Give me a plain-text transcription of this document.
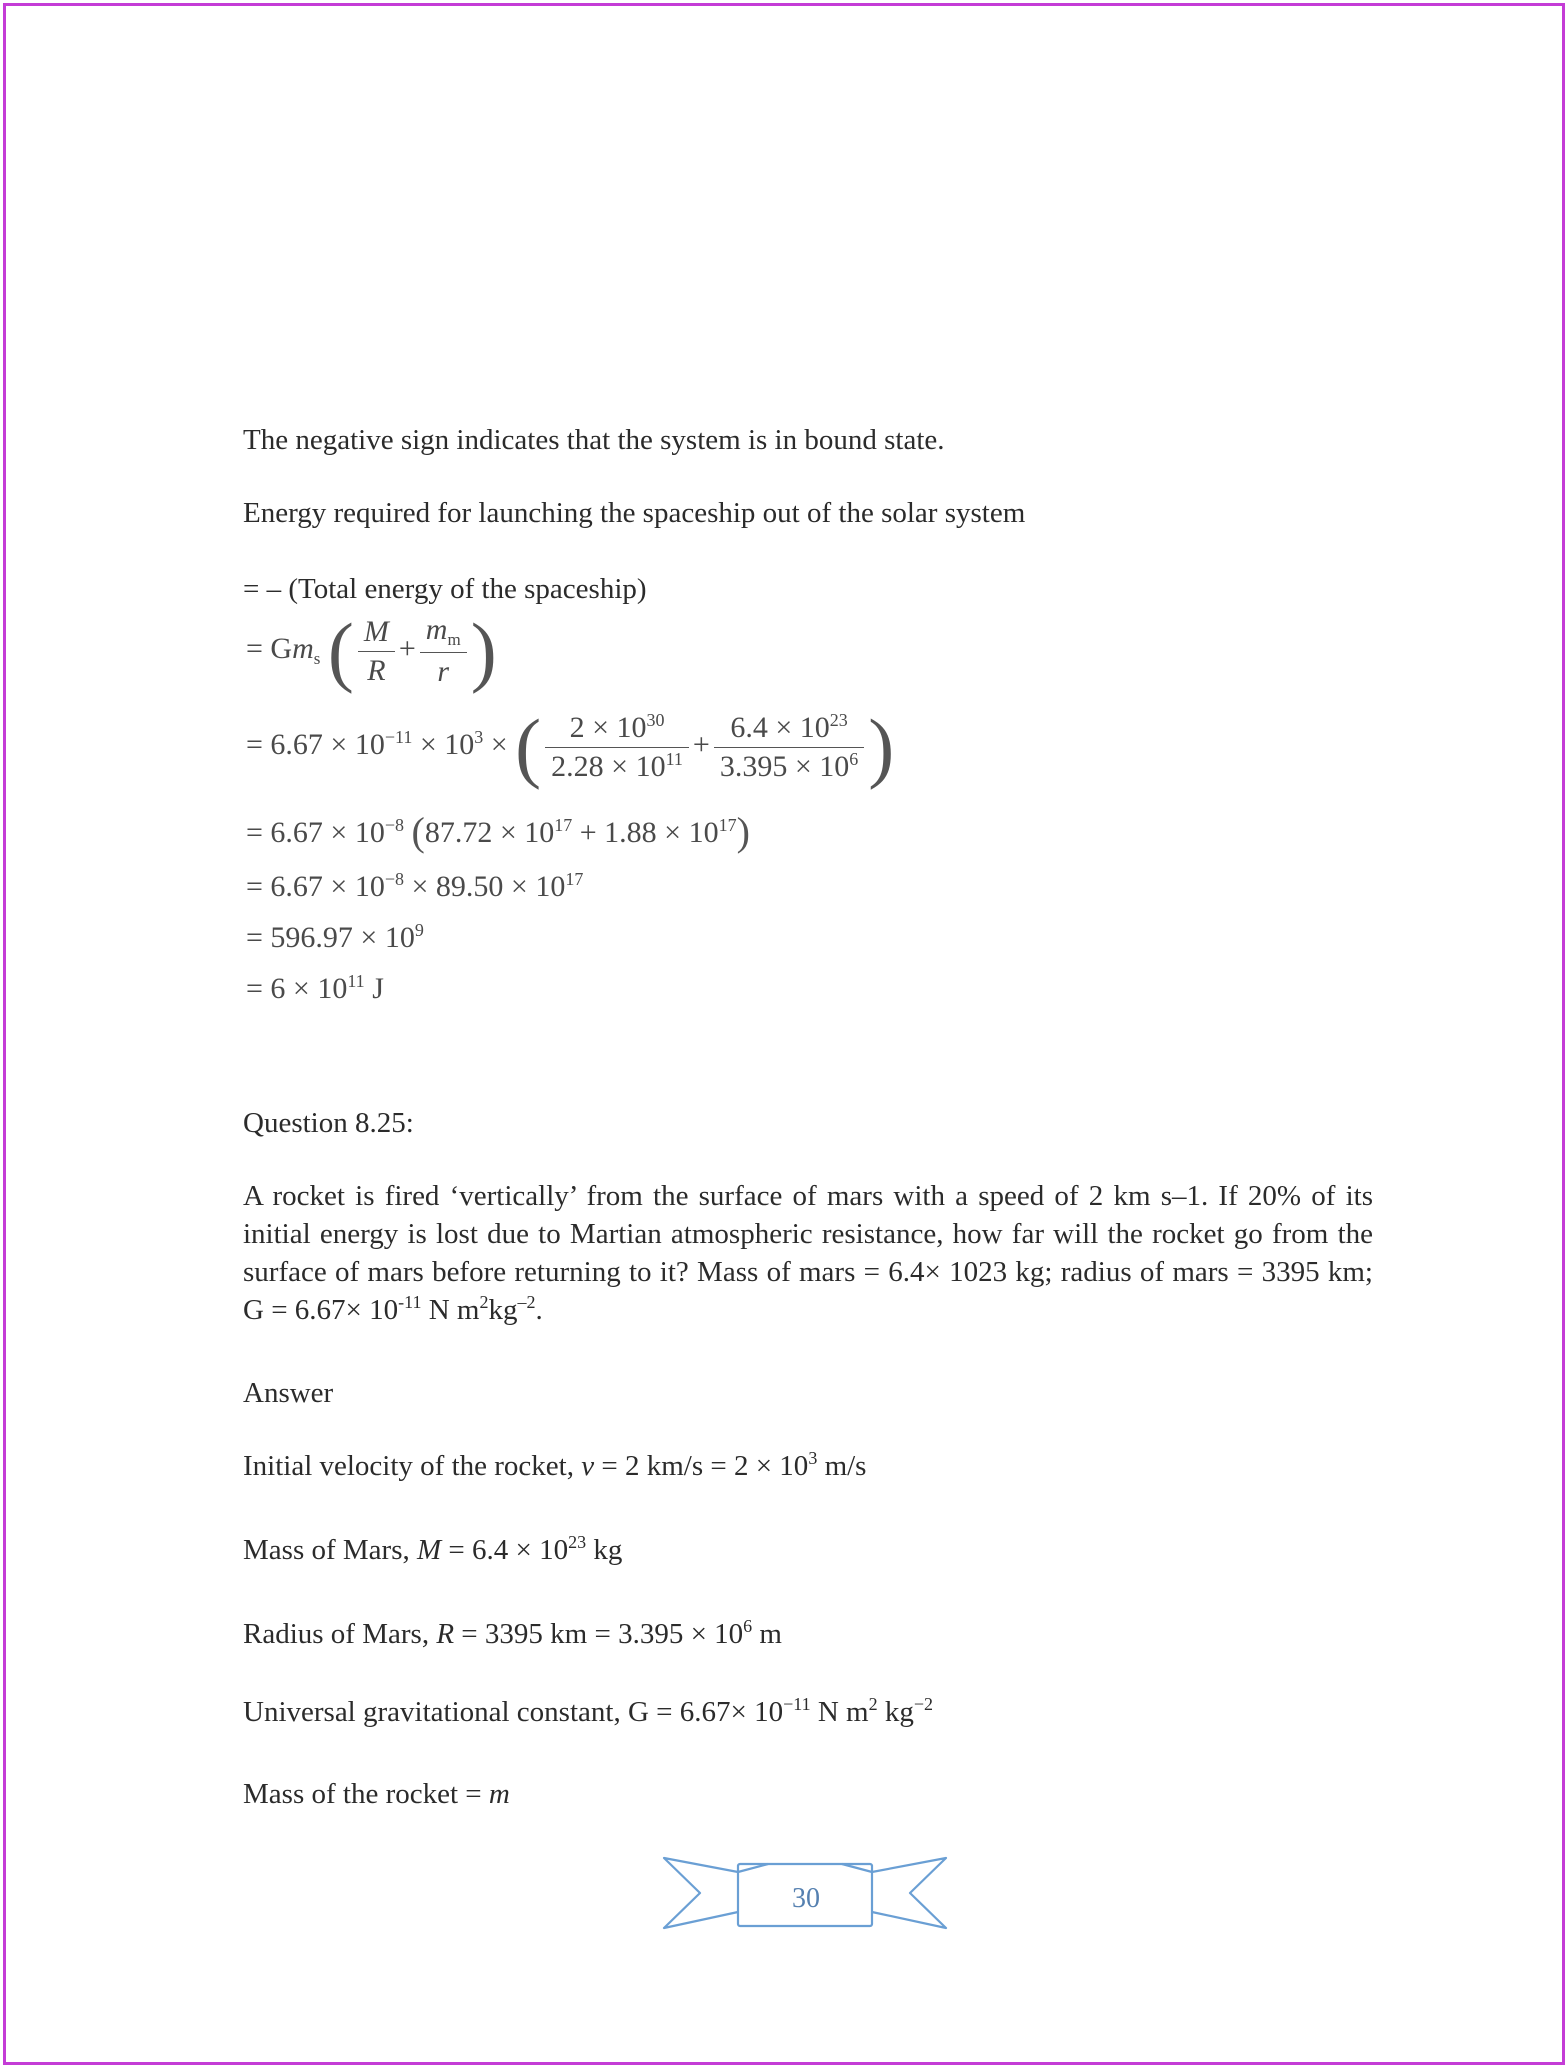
The negative sign indicates that the system is in bound state.

Energy required for launching the spaceship out of the solar system

= – (Total energy of the spaceship)

= $Gm_s$ ( $\frac{M}{R} + \frac{m_m}{r}$ )
= $6.67 \times 10^{-11} \times 10^3$ × ( $\frac{2 \times 10^{30}}{2.28 \times 10^{11}} + \frac{6.4 \times 10^{23}}{3.395 \times 10^6}$ )
= $6.67 \times 10^{-8}$ $(87.72 \times 10^{17} + 1.88 \times 10^{17})$
= $6.67 \times 10^{-8} \times 89.50 \times 10^{17}$
= $596.97 \times 10^9$
= $6 \times 10^{11}$ J

Question 8.25:

A rocket is fired ‘vertically’ from the surface of mars with a speed of 2 km s–1. If 20% of its initial energy is lost due to Martian atmospheric resistance, how far will the rocket go from the surface of mars before returning to it? Mass of mars = 6.4× 1023 kg; radius of mars = 3395 km; $G = 6.67\times 10^{-11}$ N $m^2kg^{-2}$.

Answer

Initial velocity of the rocket, v = 2 $km/s = 2 \times 10^3$ m/s

Mass of Mars, $M = 6.4 \times 10^{23}$ kg

Radius of Mars, R = 3395 km = $3.395 \times 10^6$ m

Universal gravitational constant, $G = 6.67\times 10^{-11}$ N $m^2$ $kg^{-2}$

Mass of the rocket = m

30
